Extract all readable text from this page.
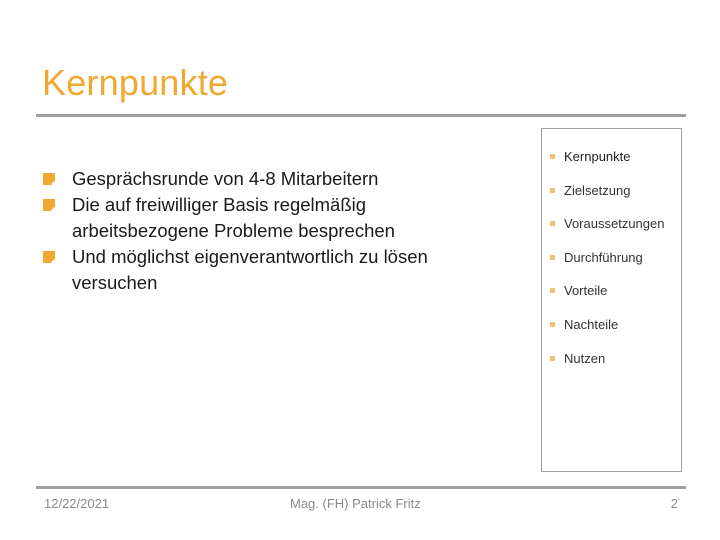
Kernpunkte
Gesprächsrunde von 4-8 Mitarbeitern
Die auf freiwilliger Basis regelmäßig arbeitsbezogene Probleme besprechen
Und möglichst eigenverantwortlich zu lösen versuchen
Kernpunkte
Zielsetzung
Voraussetzungen
Durchführung
Vorteile
Nachteile
Nutzen
12/22/2021	Mag. (FH) Patrick Fritz	2
